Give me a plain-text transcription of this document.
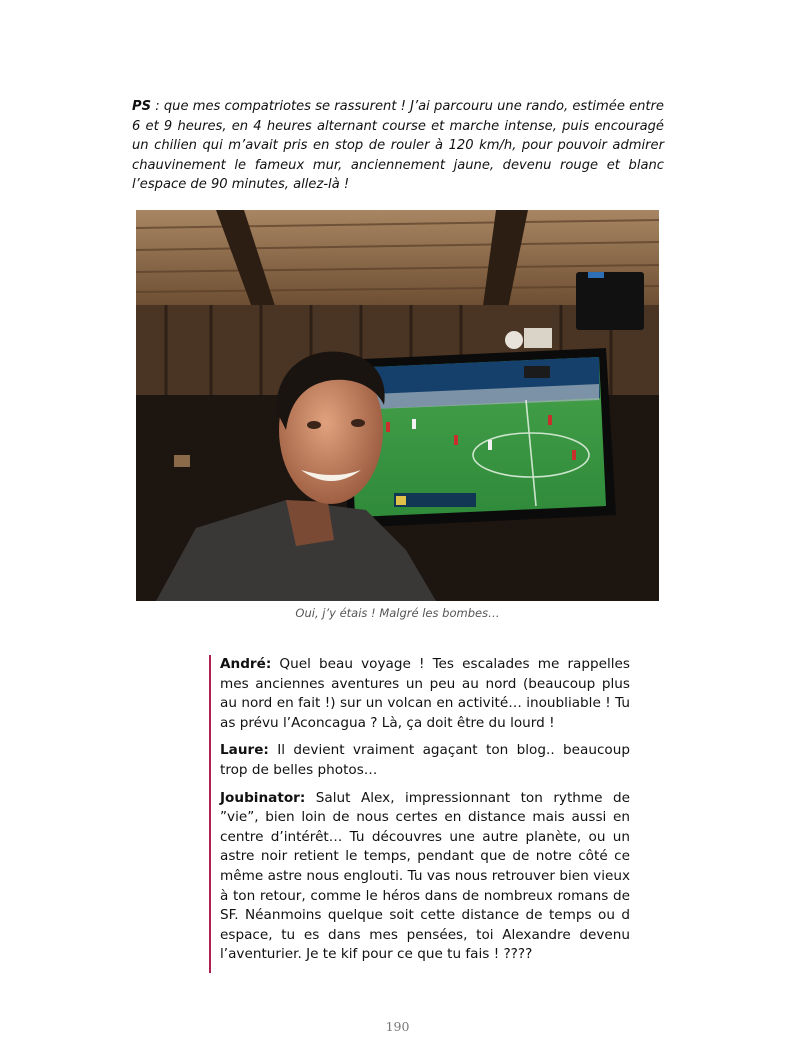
PS : que mes compatriotes se rassurent ! J’ai parcouru une rando, estimée entre 6 et 9 heures, en 4 heures alternant course et marche intense, puis encouragé un chilien qui m’avait pris en stop de rouler à 120 km/h, pour pouvoir admirer chauvinement le fameux mur, anciennement jaune, devenu rouge et blanc l’espace de 90 minutes, allez-là !
Oui, j’y étais ! Malgré les bombes…

André: Quel beau voyage ! Tes escalades me rappelles mes anciennes aventures un peu au nord (beaucoup plus au nord en fait !) sur un volcan en activité… inoubliable ! Tu as prévu l’Aconcagua ? Là, ça doit être du lourd !

Laure: Il devient vraiment agaçant ton blog.. beaucoup trop de belles photos…

Joubinator: Salut Alex, impressionnant ton rythme de ”vie”, bien loin de nous certes en distance mais aussi en centre d’intérêt… Tu découvres une autre planète, ou un astre noir retient le temps, pendant que de notre côté ce même astre nous englouti. Tu vas nous retrouver bien vieux à ton retour, comme le héros dans de nombreux romans de SF. Néanmoins quelque soit cette distance de temps ou d espace, tu es dans mes pensées, toi Alexandre devenu l’aventurier. Je te kif pour ce que tu fais ! ????

190
